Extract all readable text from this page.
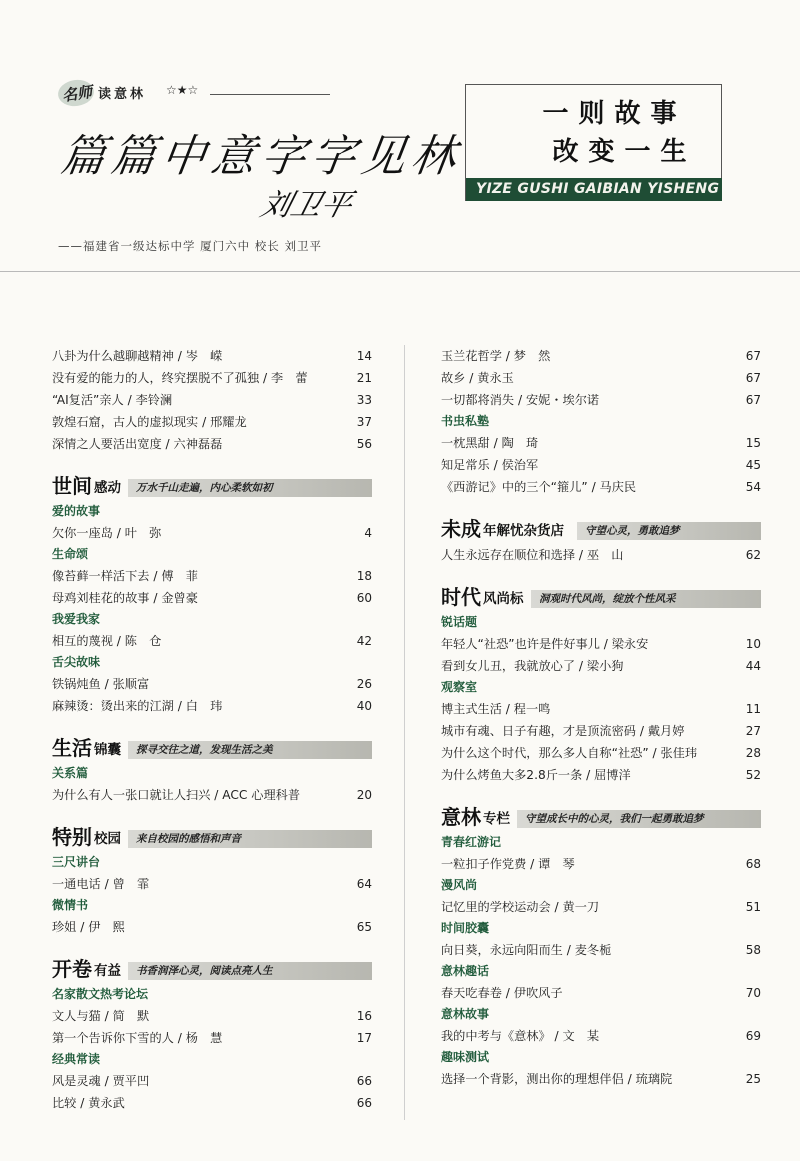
名师 读意林 ☆★☆
篇篇中意字字见林
刘卫平
——福建省一级达标中学 厦门六中 校长 刘卫平
一则故事
改变一生
YIZE GUSHI GAIBIAN YISHENG
八卦为什么越聊越精神 / 岑　嵘	14
没有爱的能力的人，终究摆脱不了孤独 / 李　蕾	21
“AI复活”亲人 / 李铃澜	33
敦煌石窟，古人的虚拟现实 / 邢耀龙	37
深情之人要活出宽度 / 六神磊磊	56
世间 感动	万水千山走遍，内心柔软如初
爱的故事
欠你一座岛 / 叶　弥	4
生命颂
像苔藓一样活下去 / 傅　菲	18
母鸡刘桂花的故事 / 金曾豪	60
我爱我家
相互的蔑视 / 陈　仓	42
舌尖故味
铁锅炖鱼 / 张顺富	26
麻辣烫：烫出来的江湖 / 白　玮	40
生活 锦囊	探寻交往之道，发现生活之美
关系篇
为什么有人一张口就让人扫兴 / ACC 心理科普	20
特别 校园	来自校园的感悟和声音
三尺讲台
一通电话 / 曾　霏	64
微情书
珍姐 / 伊　熙	65
开卷 有益	书香润泽心灵，阅读点亮人生
名家散文热考论坛
文人与猫 / 简　默	16
第一个告诉你下雪的人 / 杨　慧	17
经典常读
风是灵魂 / 贾平凹	66
比较 / 黄永武	66
玉兰花哲学 / 梦　然	67
故乡 / 黄永玉	67
一切都将消失 / 安妮・埃尔诺	67
书虫私塾
一枕黑甜 / 陶　琦	15
知足常乐 / 侯治军	45
《西游记》中的三个“箍儿” / 马庆民	54
未成 年解忧杂货店	守望心灵，勇敢追梦
人生永远存在顺位和选择 / 巫　山	62
时代 风尚标	洞观时代风尚，绽放个性风采
锐话题
年轻人“社恐”也许是件好事儿 / 梁永安	10
看到女儿丑，我就放心了 / 梁小狗	44
观察室
博主式生活 / 程一鸣	11
城市有魂、日子有趣，才是顶流密码 / 戴月婷	27
为什么这个时代，那么多人自称“社恐” / 张佳玮	28
为什么烤鱼大多2.8斤一条 / 屈博洋	52
意林 专栏	守望成长中的心灵，我们一起勇敢追梦
青春红游记
一粒扣子作党费 / 谭　琴	68
漫风尚
记忆里的学校运动会 / 黄一刀	51
时间胶囊
向日葵，永远向阳而生 / 麦冬栀	58
意林趣话
春天吃春卷 / 伊吹风子	70
意林故事
我的中考与《意林》 / 文　某	69
趣味测试
选择一个背影，测出你的理想伴侣 / 琉璃院	25
